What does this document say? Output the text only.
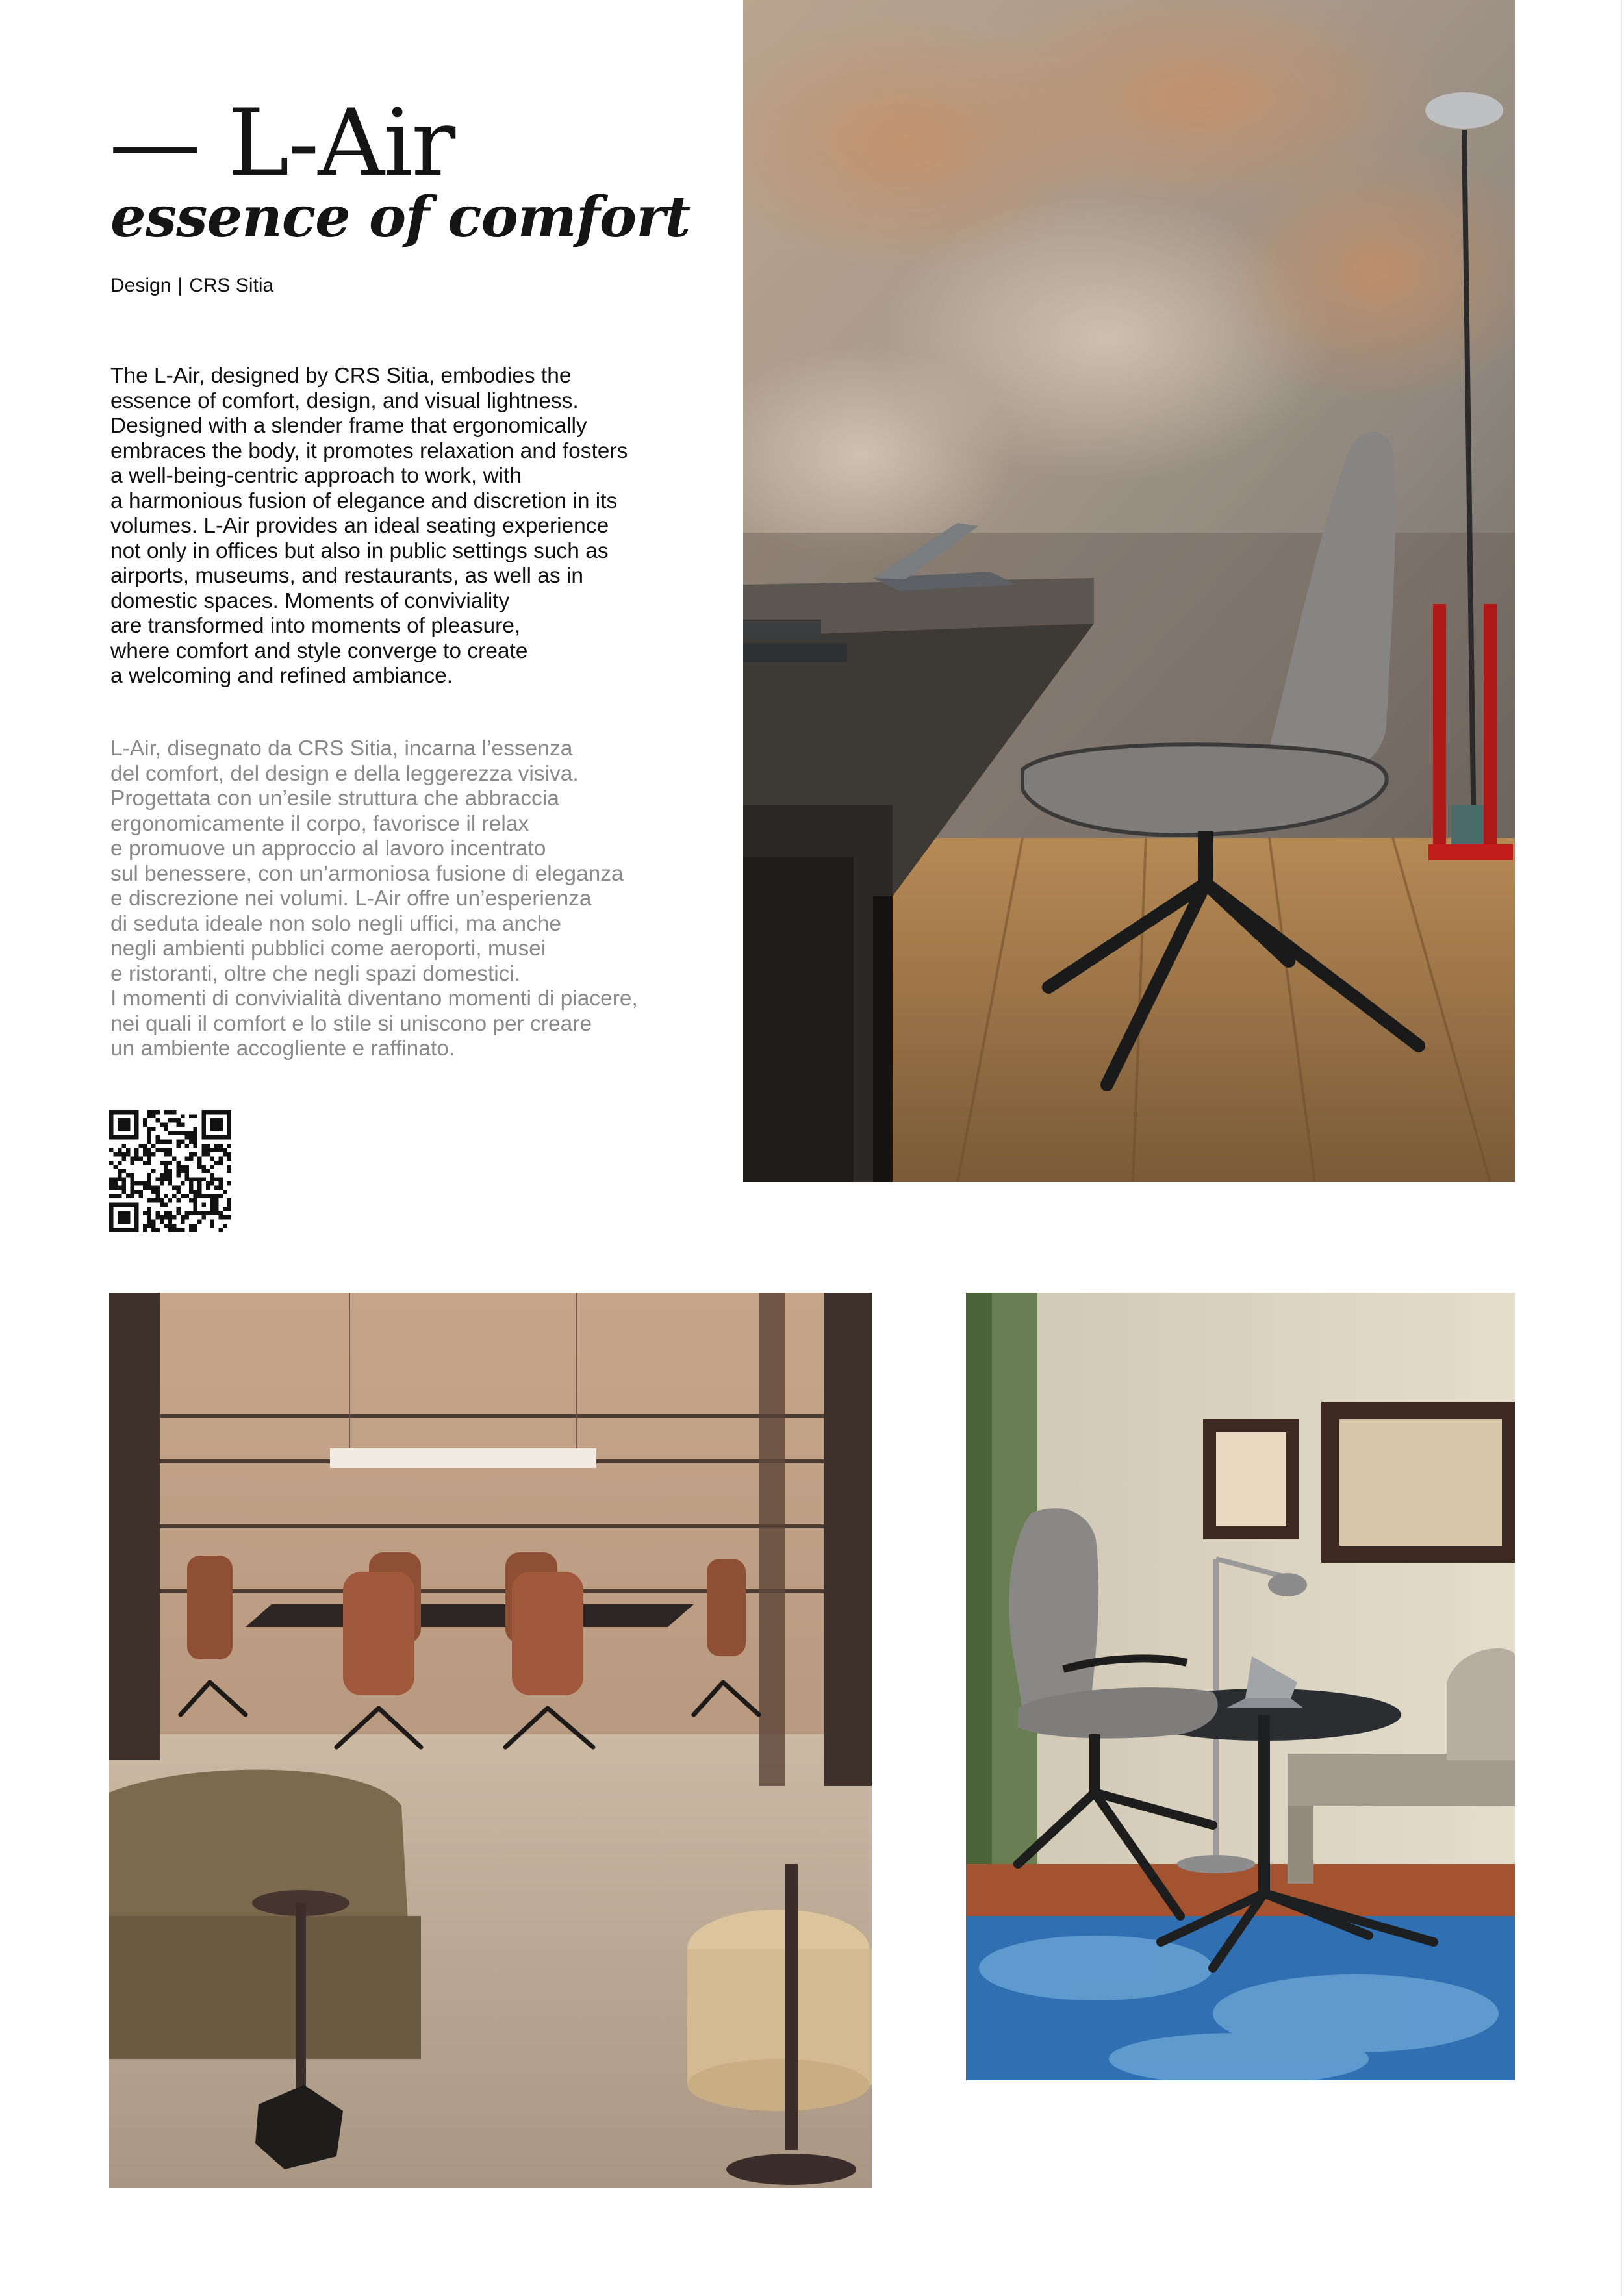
— L-Air
essence of comfort
Design | CRS Sitia

The L-Air, designed by CRS Sitia, embodies the
essence of comfort, design, and visual lightness.
Designed with a slender frame that ergonomically
embraces the body, it promotes relaxation and fosters
a well-being-centric approach to work, with
a harmonious fusion of elegance and discretion in its
volumes. L-Air provides an ideal seating experience
not only in offices but also in public settings such as
airports, museums, and restaurants, as well as in
domestic spaces. Moments of conviviality
are transformed into moments of pleasure,
where comfort and style converge to create
a welcoming and refined ambiance.

L-Air, disegnato da CRS Sitia, incarna l’essenza
del comfort, del design e della leggerezza visiva.
Progettata con un’esile struttura che abbraccia
ergonomicamente il corpo, favorisce il relax
e promuove un approccio al lavoro incentrato
sul benessere, con un’armoniosa fusione di eleganza
e discrezione nei volumi. L-Air offre un’esperienza
di seduta ideale non solo negli uffici, ma anche
negli ambienti pubblici come aeroporti, musei
e ristoranti, oltre che negli spazi domestici.
I momenti di convivialità diventano momenti di piacere,
nei quali il comfort e lo stile si uniscono per creare
un ambiente accogliente e raffinato.
